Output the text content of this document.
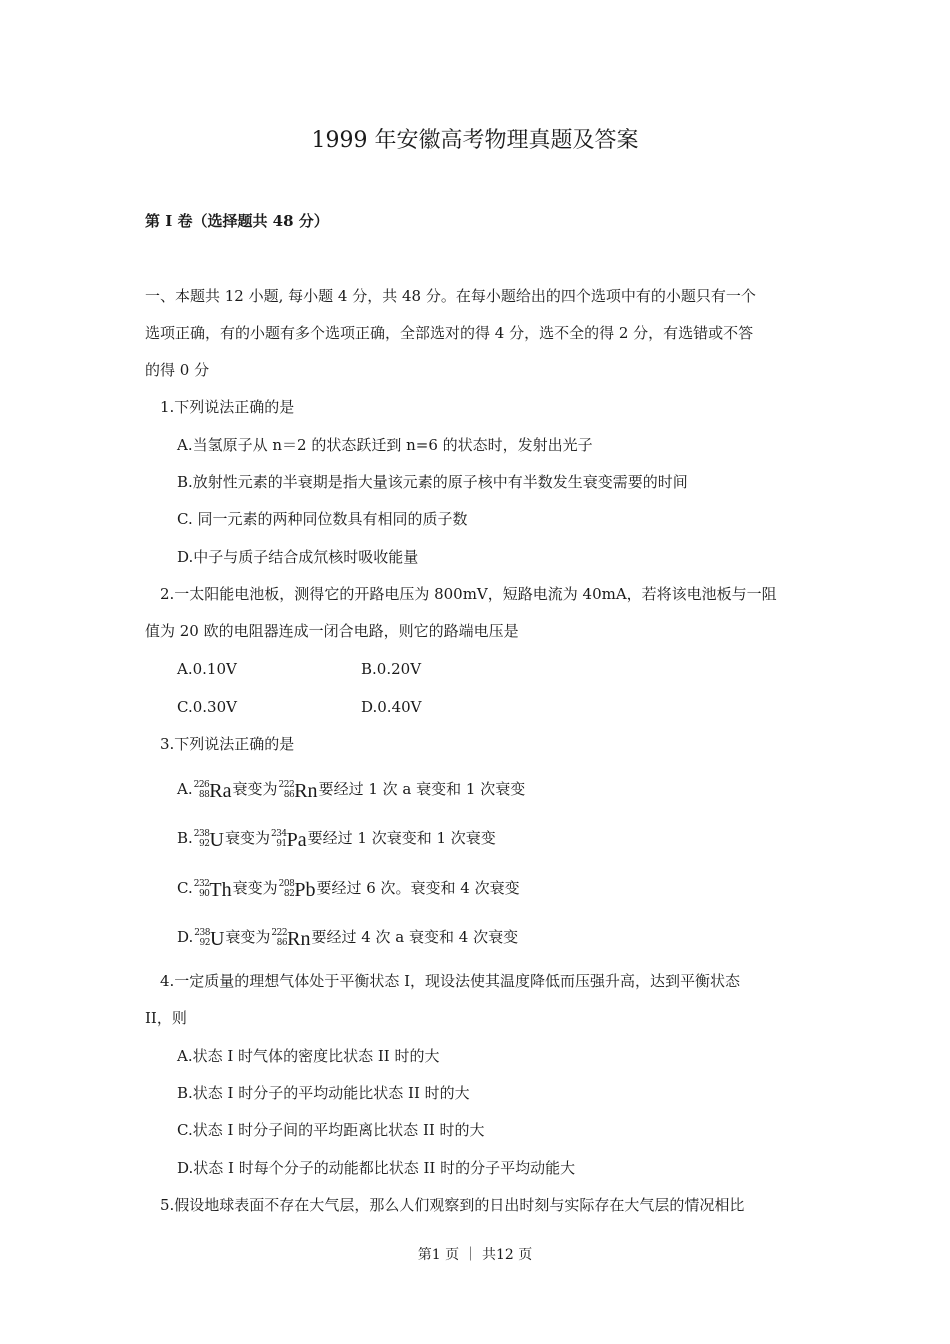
1999 年安徽高考物理真题及答案
第 I 卷（选择题共 48 分）
一、本题共 12 小题, 每小题 4 分，共 48 分。在每小题给出的四个选项中有的小题只有一个
选项正确，有的小题有多个选项正确，全部选对的得 4 分，选不全的得 2 分，有选错或不答
的得 0 分
1.下列说法正确的是
A.当氢原子从 n＝2 的状态跃迁到 n=6 的状态时，发射出光子
B.放射性元素的半衰期是指大量该元素的原子核中有半数发生衰变需要的时间
C. 同一元素的两种同位数具有相同的质子数
D.中子与质子结合成氘核时吸收能量
2.一太阳能电池板，测得它的开路电压为 800mV，短路电流为 40mA，若将该电池板与一阻
值为 20 欧的电阻器连成一闭合电路，则它的路端电压是
A.0.10V	B.0.20V
C.0.30V	D.0.40V
3.下列说法正确的是
A. 226
88 Ra衰变为 222
86 Rn要经过 1 次 a 衰变和 1 次衰变
B. 238
92 U衰变为 234
91 Pa要经过 1 次衰变和 1 次衰变
C. 232
90 Th衰变为 208
82 Pb要经过 6 次。衰变和 4 次衰变
D. 238
92 U衰变为 222
86 Rn要经过 4 次 a 衰变和 4 次衰变
4.一定质量的理想气体处于平衡状态 I，现设法使其温度降低而压强升高，达到平衡状态
II，则
A.状态 I 时气体的密度比状态 II 时的大
B.状态 I 时分子的平均动能比状态 II 时的大
C.状态 I 时分子间的平均距离比状态 II 时的大
D.状态 I 时每个分子的动能都比状态 II 时的分子平均动能大
5.假设地球表面不存在大气层，那么人们观察到的日出时刻与实际存在大气层的情况相比
第1 页 ｜ 共12 页
